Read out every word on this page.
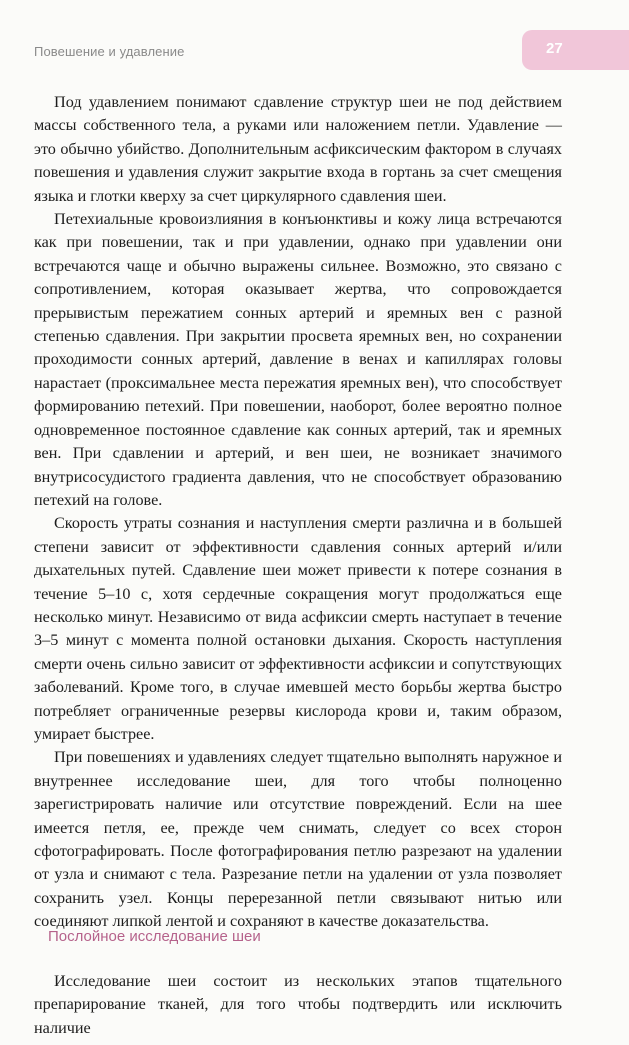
Повешение и удавление	27

Под удавлением понимают сдавление структур шеи не под действием массы собственного тела, а руками или наложением петли. Удавление — это обычно убийство. Дополнительным асфиксическим фактором в случаях повешения и удавления служит закрытие входа в гортань за счет смещения языка и глотки кверху за счет циркулярного сдавления шеи.

Петехиальные кровоизлияния в конъюнктивы и кожу лица встречаются как при повешении, так и при удавлении, однако при удавлении они встречаются чаще и обычно выражены сильнее. Возможно, это связано с сопротивлением, которая оказывает жертва, что сопровождается прерывистым пережатием сонных артерий и яремных вен с разной степенью сдавления. При закрытии просвета яремных вен, но сохранении проходимости сонных артерий, давление в венах и капиллярах головы нарастает (проксимальнее места пережатия яремных вен), что способствует формированию петехий. При повешении, наоборот, более вероятно полное одновременное постоянное сдавление как сонных артерий, так и яремных вен. При сдавлении и артерий, и вен шеи, не возникает значимого внутрисосудистого градиента давления, что не способствует образованию петехий на голове.

Скорость утраты сознания и наступления смерти различна и в большей степени зависит от эффективности сдавления сонных артерий и/или дыхательных путей. Сдавление шеи может привести к потере сознания в течение 5–10 с, хотя сердечные сокращения могут продолжаться еще несколько минут. Независимо от вида асфиксии смерть наступает в течение 3–5 минут с момента полной остановки дыхания. Скорость наступления смерти очень сильно зависит от эффективности асфиксии и сопутствующих заболеваний. Кроме того, в случае имевшей место борьбы жертва быстро потребляет ограниченные резервы кислорода крови и, таким образом, умирает быстрее.

При повешениях и удавлениях следует тщательно выполнять наружное и внутреннее исследование шеи, для того чтобы полноценно зарегистрировать наличие или отсутствие повреждений. Если на шее имеется петля, ее, прежде чем снимать, следует со всех сторон сфотографировать. После фотографирования петлю разрезают на удалении от узла и снимают с тела. Разрезание петли на удалении от узла позволяет сохранить узел. Концы перерезанной петли связывают нитью или соединяют липкой лентой и сохраняют в качестве доказательства.

Послойное исследование шеи

Исследование шеи состоит из нескольких этапов тщательного препарирование тканей, для того чтобы подтвердить или исключить наличие
